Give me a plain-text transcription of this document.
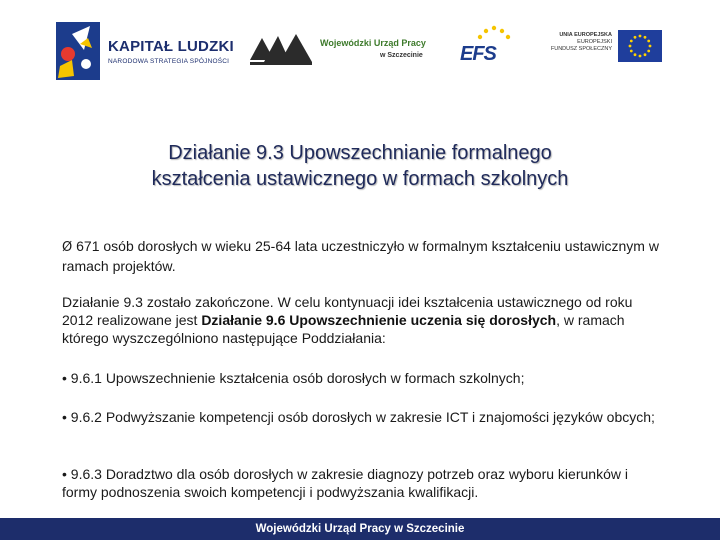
KAPITAŁ LUDZKI
NARODOWA STRATEGIA SPÓJNOŚCI
Wojewódzki Urząd Pracy
w Szczecinie EFS
UNIA EUROPEJSKA
EUROPEJSKI
FUNDUSZ SPOŁECZNY
Działanie 9.3 Upowszechnianie formalnego
kształcenia ustawicznego w formach szkolnych
Ø 671 osób dorosłych w wieku 25-64 lata uczestniczyło w formalnym kształceniu ustawicznym w ramach projektów.
Działanie 9.3 zostało zakończone. W celu kontynuacji idei kształcenia ustawicznego od roku 2012 realizowane jest Działanie 9.6 Upowszechnienie uczenia się dorosłych, w ramach którego wyszczególniono następujące Poddziałania:
• 9.6.1 Upowszechnienie kształcenia osób dorosłych w formach szkolnych;
• 9.6.2 Podwyższanie kompetencji osób dorosłych w zakresie ICT i znajomości języków obcych;
• 9.6.3 Doradztwo dla osób dorosłych w zakresie diagnozy potrzeb oraz wyboru kierunków i formy podnoszenia swoich kompetencji i podwyższania kwalifikacji.
Wojewódzki Urząd Pracy w Szczecinie
